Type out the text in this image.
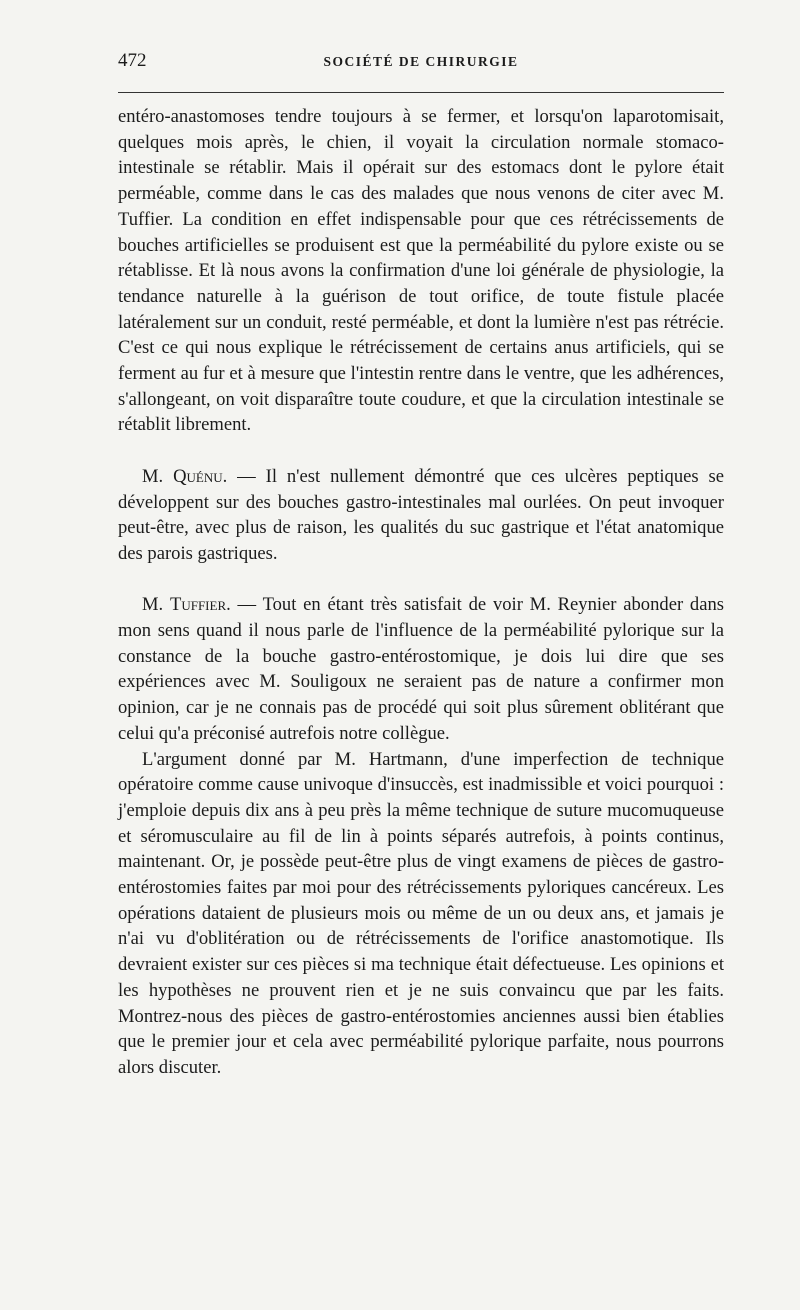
472	SOCIÉTÉ DE CHIRURGIE

entéro-anastomoses tendre toujours à se fermer, et lorsqu'on laparotomisait, quelques mois après, le chien, il voyait la circulation normale stomaco-intestinale se rétablir. Mais il opérait sur des estomacs dont le pylore était perméable, comme dans le cas des malades que nous venons de citer avec M. Tuffier. La condition en effet indispensable pour que ces rétrécissements de bouches artificielles se produisent est que la perméabilité du pylore existe ou se rétablisse. Et là nous avons la confirmation d'une loi générale de physiologie, la tendance naturelle à la guérison de tout orifice, de toute fistule placée latéralement sur un conduit, resté perméable, et dont la lumière n'est pas rétrécie. C'est ce qui nous explique le rétrécissement de certains anus artificiels, qui se ferment au fur et à mesure que l'intestin rentre dans le ventre, que les adhérences, s'allongeant, on voit disparaître toute coudure, et que la circulation intestinale se rétablit librement.

M. Quénu. — Il n'est nullement démontré que ces ulcères peptiques se développent sur des bouches gastro-intestinales mal ourlées. On peut invoquer peut-être, avec plus de raison, les qualités du suc gastrique et l'état anatomique des parois gastriques.

M. Tuffier. — Tout en étant très satisfait de voir M. Reynier abonder dans mon sens quand il nous parle de l'influence de la perméabilité pylorique sur la constance de la bouche gastro-entérostomique, je dois lui dire que ses expériences avec M. Souligoux ne seraient pas de nature a confirmer mon opinion, car je ne connais pas de procédé qui soit plus sûrement oblitérant que celui qu'a préconisé autrefois notre collègue.

L'argument donné par M. Hartmann, d'une imperfection de technique opératoire comme cause univoque d'insuccès, est inadmissible et voici pourquoi : j'emploie depuis dix ans à peu près la même technique de suture mucomuqueuse et séromusculaire au fil de lin à points séparés autrefois, à points continus, maintenant. Or, je possède peut-être plus de vingt examens de pièces de gastro-entérostomies faites par moi pour des rétrécissements pyloriques cancéreux. Les opérations dataient de plusieurs mois ou même de un ou deux ans, et jamais je n'ai vu d'oblitération ou de rétrécissements de l'orifice anastomotique. Ils devraient exister sur ces pièces si ma technique était défectueuse. Les opinions et les hypothèses ne prouvent rien et je ne suis convaincu que par les faits. Montrez-nous des pièces de gastro-entérostomies anciennes aussi bien établies que le premier jour et cela avec perméabilité pylorique parfaite, nous pourrons alors discuter.
